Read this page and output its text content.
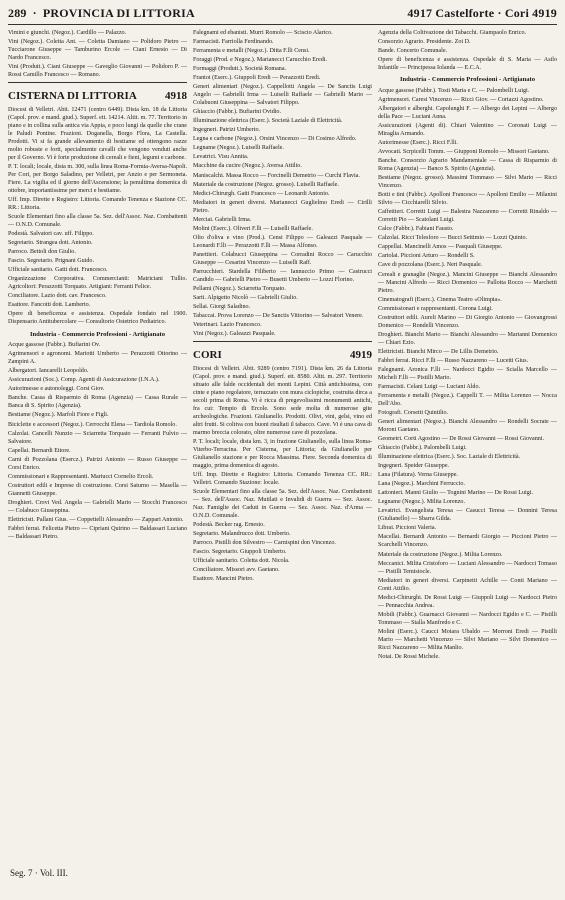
289 · PROVINCIA DI LITTORIA	4917 Castelforte · Cori 4919

Vimini e giunchi. (Negoz.). Cardillo — Palazzo.

Vini (Negoz.). Coletta Ant. — Coletta Damiano — Polidoro Pietro — Tucciarone Giuseppe — Tamburino Ercole — Ciani Ernesto — Di Nardo Francesco.

Vini (Produtt.). Ciani Giuseppe — Gaveglio Giovanni — Polidoro P. — Rossi Camillo Francesco — Romano.

CISTERNA DI LITTORIA	4918

Diocesi di Velletri. Abit. 12471 (centro 6449). Dista km. 18 da Littoria (Capol. prov. e mand. giud.). Superf. ett. 14214. Altit. m. 77. Territorio in piano e in collina sulla antica via Appia, e poco lungi da quelle che crane le Paludi Pontine. Frazioni. Doganella, Borgo Flora, La Castella. Prodotti. Vi si fa grande allevamento di bestiame ed ottengono razze molto robuste e forti, specialmente cavalli che vengono venduti anche per il Governo. Vi è forte produzione di cereali e fieni, legumi e carbone.

P. T. locali; locale, dista m. 300, sulla linea Roma-Formia-Aversa-Napoli. Per Cori, per Borgo Saladino, per Velletri, per Anzio e per Sermoneta. Fiere. La vigilia ed il giorno dell'Ascensione; la penultima domenica di ottobre, importantissime per merci e bestiame.

Uff. Imp. Dirette e Registro: Littoria. Comando Tenenza e Stazione CC. RR.: Littoria.

Scuole Elementari fino alla classe 5a. Sez. dell'Assoc. Naz. Combattenti — O.N.D. Comunale.

Podestà. Salvatori cav. uff. Filippo.

Segretario. Strangea dott. Antonio.

Parroco. Bettoli don Giulio.

Fascio. Segretario. Prignani Guido.

Ufficiale sanitario. Gatti dott. Francesco.

Organizzazione Corporativa. Commercianti: Matriciani Tullio. Agricoltori: Perazzotti Torquato. Artigiani: Ferranti Felice.

Conciliatore. Lazio dott. cav. Francesco.

Esattore. Fancotti dott. Lamberto.

Opere di beneficenza e assistenza. Ospedale fondato nel 1900. Dispensario Antitubercolare — Consultorio Ostetrico Pediatrico.

Industria - Commercio Professioni - Artigianato

Acque gassose (Fabbr.). Bufiarini Ov.

Agrimensori e agronomi. Mariotti Umberto — Perazzotti Ottorino — Zampini A.

Albergatori. Iancarelli Leopoldo.

Assicurazioni (Soc.). Comp. Agenti di Assicurazione (I.N.A.).

Autorimesse e autonoleggi. Corsi Giov.

Banche. Cassa di Risparmio di Roma (Agenzia) — Cassa Rurale — Banca di S. Spirito (Agenzia).

Bestiame (Negoz.). Marfoli Fiore e Figli.

Biciclette e accessori (Negoz.). Cerrocchi Elena — Tardiola Romolo.

Calzolai. Cancelli Nunzio — Sciarretta Torquato — Ferranti Fulvio — Salvatore.

Capellai. Bernardi Ettore.

Carni di Pozzolana (Esercz.). Patrizi Antonio — Russo Giuseppe — Corsi Enrico.

Commissionari e Rappresentanti. Mariucci Cornelio Ercoli.

Costruttori edili e Imprese di costruzione. Corsi Saturno — Masella — Giannetti Giuseppe.

Droghieri. Crovi Ved. Angela — Gabrielli Mario — Stocchi Francesco — Colabuco Giuseppina.

Elettricisti. Pallani Gius. — Coppettelli Alessandro — Zappari Antonio.

Fabbri ferrai. Felicetta Pietro — Cipriani Quirino — Baldassari Luciano — Baldassari Pietro.

Falegnami ed ebanisti. Murri Romolo — Sciscio Alarico.

Farmacisti. Farriolla Ferdinando.

Ferramenta e metalli (Negoz.). Ditta F.lli Censi.

Foraggi (Prod. e Negoz.). Marianecci Carucchio Eredi.

Formaggi (Produtt.). Società Romana.

Frantoi (Eserc.). Giuppoli Eredi — Perazzotti Eredi.

Generi alimentari (Negoz.). Cappellotti Angela — De Sanctis Luigi Angelo — Gabrielli Irma — Luiselli Raffaele — Gabrielli Mario — Colabuoni Giuseppina — Salvatori Filippo.

Ghiaccio (Fabbr.). Bufiarini Ovidio.

Illuminazione elettrica (Eserc.). Società Laziale di Elettricità.

Ingegneri. Patrizi Umberto.

Legna e carbone (Negoz.). Orsini Vincenzo — Di Cosimo Alfredo.

Legname (Negoz.). Luiselli Raffaele.

Levatrici. Visu Annita.

Macchine da cucire (Negoz.). Aversa Attilio.

Maniscalchi. Massa Rocco — Forcinelli Demetrio — Curchi Flavia.

Materiale da costruzione (Negoz. grosso). Luiselli Raffaele.

Medici-Chirurgh. Gatti Francesco — Leonardi Antonio.

Mediatori in generi diversi. Marianecci Guglielmo Eredi — Cirilli Pietro.

Merciai. Gabrielli Irma.

Molini (Eserc.). Oliveri F.lli — Luiselli Raffaele.

Olio d'oliva e vino (Prod.). Censi Filippo — Galeazzi Pasquale — Leonardi F.lli — Perazzotti F.lli — Massa Alfonso.

Panettieri. Colabucci Giuseppina — Corradini Rocco — Carucchio Giuseppe — Cesarini Vincenzo — Luiselli Raff.

Parrucchieri. Stardella Filiberto — Iannuccio Primo — Castrucci Candido — Gabrielli Pietro — Busetti Umberto — Lozzi Florino.

Pellami (Negoz.). Sciarretta Torquato.

Sarti. Alpigetto Nicolò — Gabrielli Giulio.

Sellai. Giorgi Saladino.

Tabaccai. Prova Lorenzo — De Sanctis Vittorino — Salvatori Venere.

Veterinari. Lazio Francesco.

Vini (Negoz.). Galeazzi Pasquale.

CORI	4919

Diocesi di Velletri. Abit. 9289 (centro 7191). Dista km. 26 da Littoria (Capol. prov. e mand. giud.). Superf. ett. 8580. Altit. m. 297. Territorio situato alle falde occidentali dei monti Lepini. Città antichissima, con cinte e piano regolatore, terrazzato con mura ciclopiche, costruita dirca a secoli prima di Roma. Vi è ricca di pregevolissimi monumenti antichi, fra cui: Tempio di Ercole. Sono sede molta di numerose gite archeologiche. Frazioni. Giulianello. Prodotti. Olivi, vini, gelsi, vino ed altri frutti. Si coltiva con buoni risultati il tabacco. Cave. Vi è una cava di marmo breccia colorato, oltre numerose cave di pozzolana.

P. T. locali; locale, dista km. 3, in frazione Giulianello, sulla linea Roma-Viterbo-Terracina. Per Cisterna, per Littoria; da Giulianello per Giulianello stazione e per Rocca Massima. Fiere. Seconda domenica di maggio, prima domenica di agosto.

Uff. Imp. Dirette e Registro: Littoria. Comando Tenenza CC. RR.: Velletri. Comando Stazione: locale.

Scuole Elementari fino alla classe 5a. Sez. dell'Assoc. Naz. Combattenti — Sez. dell'Assoc. Naz. Mutilati e Invalidi di Guerra — Sez. Assoc. Naz. Famiglie dei Caduti in Guerra — Sez. Assoc. Naz. d'Arma — O.N.D. Comunale.

Podestà. Becker rag. Ernesto.

Segretario. Malandrucco dott. Umberto.

Parroco. Pistilli don Silvestro — Carnispini don Vincenzo.

Fascio. Segretario. Giuppoli Umberto.

Ufficiale sanitario. Coletta dott. Nicola.

Conciliatore. Missori avv. Gaetano.

Esattore. Mancini Pietro.

Agenzia della Coltivazione dei Tabacchi. Giampaolo Enrico.

Consorzio Agrario. Presidente. Zoi D.

Bande. Concerto Comunale.

Opere di beneficenza e assistenza. Ospedale di S. Maria — Asilo Infantile — Principessa Iolanda — E.C.A.

Industria - Commercio Professioni - Artigianato

Acque gassose (Fabbr.). Tosti Maria e C. — Palombelli Luigi.

Agrimensori. Caresi Vincenzo — Ricci Giov. — Cortazzi Agostino.

Albergatori e alberghi. Capolunghi F. — Albergo dei Lepini — Albergo della Pace — Luciani Anna.

Assicurazioni (Agenti di). Chiari Valentino — Coronati Luigi — Miraglia Armando.

Autorimesse (Eserc.). Ricci F.lli.

Avvocati. Scrpicelli Tomm. — Giupponi Romolo — Missori Gaetano.

Banche. Consorzio Agrario Mandamentale — Cassa di Risparmio di Roma (Agenzia) — Banco S. Spirito (Agenzia).

Bestiame (Negoz. grosso). Massimi Tommaso — Silvi Mario — Ricci Vincenzo.

Botti e tini (Fabbr.). Apolloni Francesco — Apolloni Emilio — Milanini Silvio — Cicchiarelli Silvio.

Caffettieri. Corretti Luigi — Balestra Nazzareno — Corretti Rinaldo — Corretti Pio — Scatolani Luigi.

Calce (Fabbr.). Fabiani Fausto.

Calzolai. Ricci Telesforo — Bucci Settimio — Lozzi Quinto.

Cappellai. Mancinelli Amos — Pasquali Giuseppe.

Cartolai. Piccioni Arturo — Rondelli S.

Cave di pozzolana (Eserc.). Neri Pasquale.

Cereali e granaglie (Negoz.). Mancini Giuseppe — Bianchi Alessandro — Mancini Alfredo — Ricci Domenico — Pallotta Rocco — Marchetti Pietro.

Cinematografi (Eserc.). Cinema Teatro «Olimpia».

Commissionari e rappresentanti. Corona Luigi.

Costruttori edili. Aureli Marino — Di Giorgio Antonio — Giovangrossi Domenico — Rondelli Vincenzo.

Droghieri. Bianchi Mario — Bianchi Alessandro — Marianni Domenico — Chiari Ezio.

Elettricisti. Bianchi Mirco — De Lillis Demetrio.

Fabbri ferrai. Ricci F.lli — Russo Nazzareno — Lucetti Gius.

Falegnami. Aronica F.lli — Nardocci Egidio — Scialla Marcello — Micheli F.lli — Pistilli Mario.

Farmacisti. Celani Luigi — Luciani Aldo.

Ferramenta e metalli (Negoz.). Cappelli T. — Milita Lorenzo — Nocca Dell'Abo.

Fotografi. Corsetti Quintilio.

Generi alimentari (Negoz.). Bianchi Alessandro — Rondelli Socrate — Moroni Gaetano.

Geometri. Corti Agostino — De Rossi Giovanni — Rossi Giovanni.

Ghiaccio (Fabbr.). Palombelli Luigi.

Illuminazione elettrica (Eserc.). Soc. Laziale di Elettricità.

Ingegneri. Speider Giuseppe.

Lana (Filatura). Verna Giuseppe.

Lana (Negoz.). Marchini Ferruccio.

Lattonieri. Manni Giulio — Tognini Marino — De Rossi Luigi.

Legname (Negoz.). Milita Lorenzo.

Levatrici. Evangelista Teresa — Casucci Teresa — Donnini Teresa (Giulianello) — Sbarra Gilda.

Librai. Piccioni Valeria.

Macellai. Bernardi Antonio — Bernardi Giorgio — Piccioni Pietro — Scarchelli Vincenzo.

Materiale da costruzione (Negoz.). Milita Lorenzo.

Meccanici. Milita Cristoforo — Luciani Alessandro — Nardocci Tomaso — Pistilli Temistocle.

Mediatori in generi diversi. Carpinetti Achille — Conti Mariano — Conti Attilio.

Medici-Chirurghi. De Rossi Luigi — Giuppoli Luigi — Nardocci Pietro — Pennacchia Andrea.

Mobili (Fabbr.). Guarnacci Giovanni — Nardocci Egidio e C. — Pistilli Tommaso — Stalla Manfredo e C.

Molini (Eserc.). Caucci Moiara Ubaldo — Morroni Eredi — Pistilli Mario — Marchetti Vincenzo — Silvi Mariano — Silvi Domenico — Ricci Nazzareno — Milita Manlio.

Notai. De Rossi Michele.

Seg. 7 · Vol. III.
